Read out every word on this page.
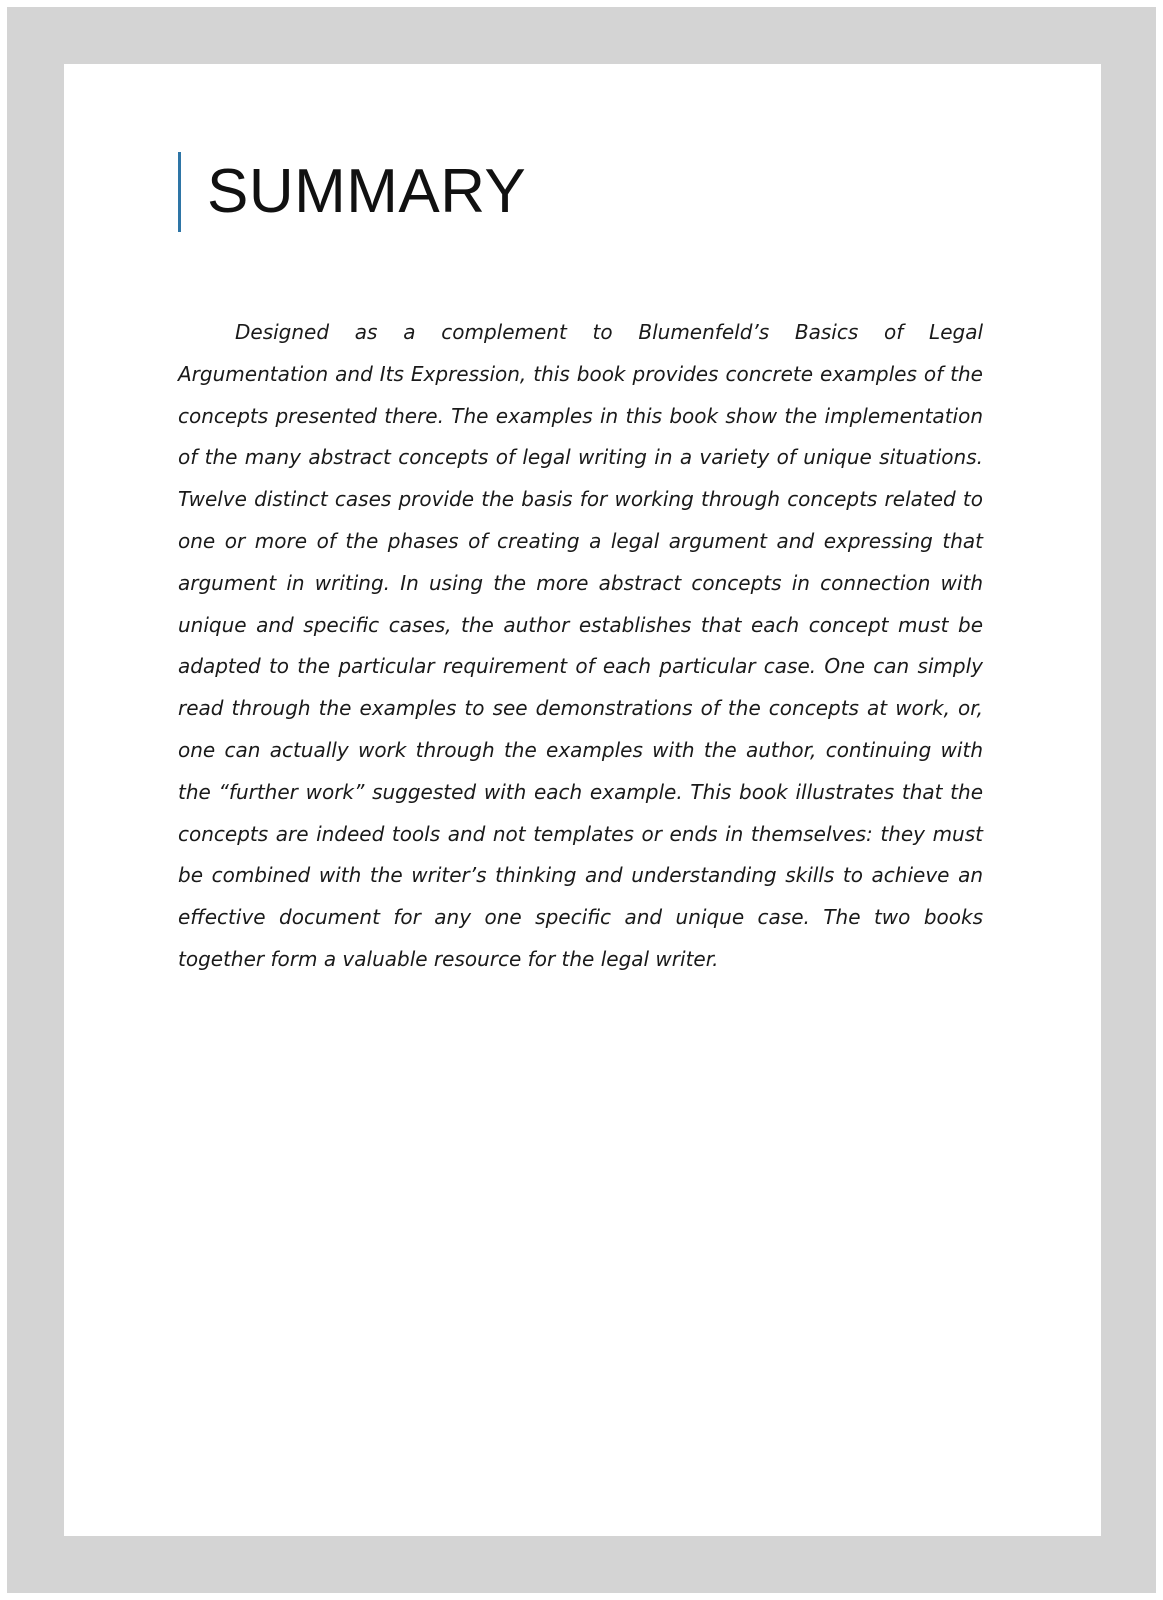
SUMMARY

Designed as a complement to Blumenfeld’s Basics of Legal Argumentation and Its Expression, this book provides concrete examples of the concepts presented there. The examples in this book show the implementation of the many abstract concepts of legal writing in a variety of unique situations. Twelve distinct cases provide the basis for working through concepts related to one or more of the phases of creating a legal argument and expressing that argument in writing. In using the more abstract concepts in connection with unique and specific cases, the author establishes that each concept must be adapted to the particular requirement of each particular case. One can simply read through the examples to see demonstrations of the concepts at work, or, one can actually work through the examples with the author, continuing with the “further work” suggested with each example. This book illustrates that the concepts are indeed tools and not templates or ends in themselves: they must be combined with the writer’s thinking and understanding skills to achieve an effective document for any one specific and unique case. The two books together form a valuable resource for the legal writer.
